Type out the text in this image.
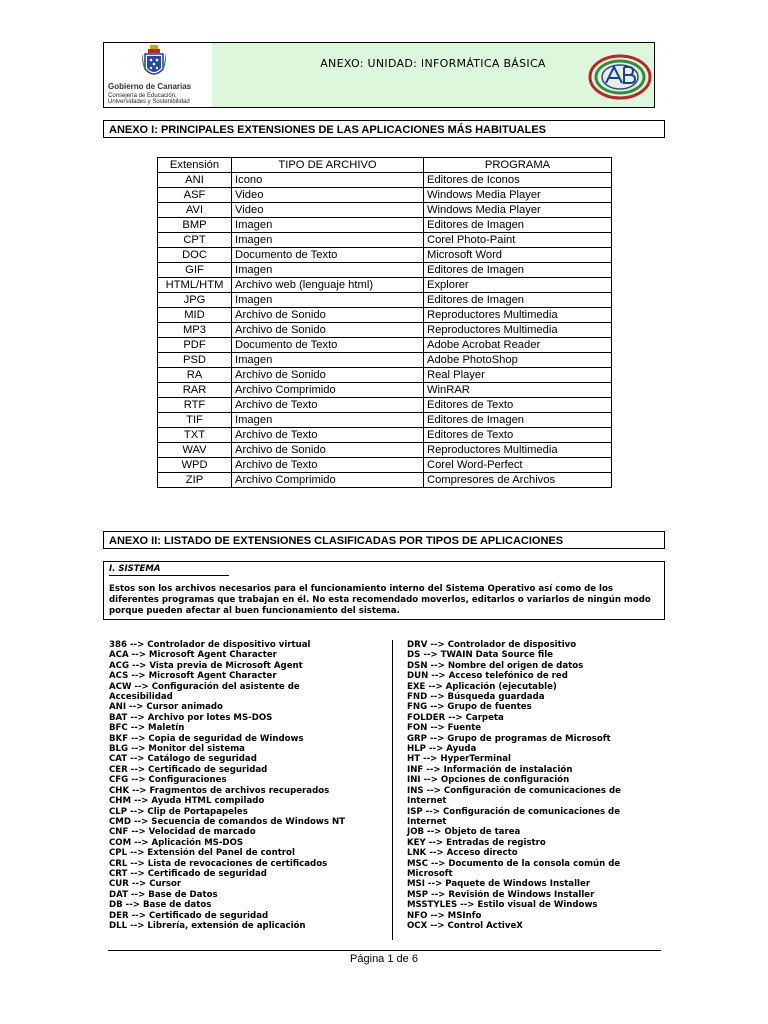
Gobierno de Canarias
Consejería de Educación,
Universidades y Sostenibilidad
ANEXO: UNIDAD: INFORMÁTICA BÁSICA
ANEXO I: PRINCIPALES EXTENSIONES DE LAS APLICACIONES MÁS HABITUALES
Extensión	TIPO DE ARCHIVO	PROGRAMA
ANI	Icono	Editores de Iconos
ASF	Video	Windows Media Player
AVI	Video	Windows Media Player
BMP	Imagen	Editores de Imagen
CPT	Imagen	Corel Photo-Paint
DOC	Documento de Texto	Microsoft Word
GIF	Imagen	Editores de Imagen
HTML/HTM	Archivo web (lenguaje html)	Explorer
JPG	Imagen	Editores de Imagen
MID	Archivo de Sonido	Reproductores Multimedia
MP3	Archivo de Sonido	Reproductores Multimedia
PDF	Documento de Texto	Adobe Acrobat Reader
PSD	Imagen	Adobe PhotoShop
RA	Archivo de Sonido	Real Player
RAR	Archivo Comprimido	WinRAR
RTF	Archivo de Texto	Editores de Texto
TIF	Imagen	Editores de Imagen
TXT	Archivo de Texto	Editores de Texto
WAV	Archivo de Sonido	Reproductores Multimedia
WPD	Archivo de Texto	Corel Word-Perfect
ZIP	Archivo Comprimido	Compresores de Archivos
ANEXO II: LISTADO DE EXTENSIONES CLASIFICADAS POR TIPOS DE APLICACIONES
I. SISTEMA
Estos son los archivos necesarios para el funcionamiento interno del Sistema Operativo así como de los diferentes programas que trabajan en él. No esta recomendado moverlos, editarlos o variarlos de ningún modo porque pueden afectar al buen funcionamiento del sistema.
386 --> Controlador de dispositivo virtual
ACA --> Microsoft Agent Character
ACG --> Vista previa de Microsoft Agent
ACS --> Microsoft Agent Character
ACW --> Configuración del asistente de
Accesibilidad
ANI --> Cursor animado
BAT --> Archivo por lotes MS-DOS
BFC --> Maletín
BKF --> Copia de seguridad de Windows
BLG --> Monitor del sistema
CAT --> Catálogo de seguridad
CER --> Certificado de seguridad
CFG --> Configuraciones
CHK --> Fragmentos de archivos recuperados
CHM --> Ayuda HTML compilado
CLP --> Clip de Portapapeles
CMD --> Secuencia de comandos de Windows NT
CNF --> Velocidad de marcado
COM --> Aplicación MS-DOS
CPL --> Extensión del Panel de control
CRL --> Lista de revocaciones de certificados
CRT --> Certificado de seguridad
CUR --> Cursor
DAT --> Base de Datos
DB --> Base de datos
DER --> Certificado de seguridad
DLL --> Librería, extensión de aplicación
DRV --> Controlador de dispositivo
DS --> TWAIN Data Source file
DSN --> Nombre del origen de datos
DUN --> Acceso telefónico de red
EXE --> Aplicación (ejecutable)
FND --> Búsqueda guardada
FNG --> Grupo de fuentes
FOLDER --> Carpeta
FON --> Fuente
GRP --> Grupo de programas de Microsoft
HLP --> Ayuda
HT --> HyperTerminal
INF --> Información de instalación
INI --> Opciones de configuración
INS --> Configuración de comunicaciones de
Internet
ISP --> Configuración de comunicaciones de
Internet
JOB --> Objeto de tarea
KEY --> Entradas de registro
LNK --> Acceso directo
MSC --> Documento de la consola común de
Microsoft
MSI --> Paquete de Windows Installer
MSP --> Revisión de Windows Installer
MSSTYLES --> Estilo visual de Windows
NFO --> MSInfo
OCX --> Control ActiveX
Página 1 de 6
